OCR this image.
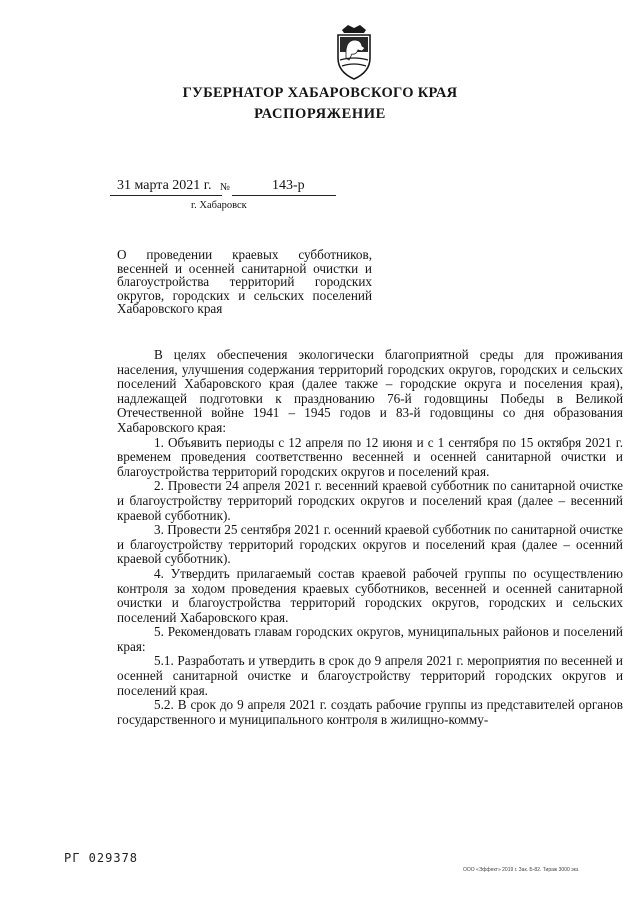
ГУБЕРНАТОР ХАБАРОВСКОГО КРАЯ
РАСПОРЯЖЕНИЕ
31 марта 2021 г. №	143-р
г. Хабаровск

О проведении краевых субботников, весенней и осенней санитарной очистки и благоустройства территорий городских округов, городских и сельских поселений Хабаровского края

В целях обеспечения экологически благоприятной среды для проживания населения, улучшения содержания территорий городских округов, городских и сельских поселений Хабаровского края (далее также – городские округа и поселения края), надлежащей подготовки к празднованию 76-й годовщины Победы в Великой Отечественной войне 1941 – 1945 годов и 83-й годовщины со дня образования Хабаровского края:

1. Объявить периоды с 12 апреля по 12 июня и с 1 сентября по 15 октября 2021 г. временем проведения соответственно весенней и осенней санитарной очистки и благоустройства территорий городских округов и поселений края.

2. Провести 24 апреля 2021 г. весенний краевой субботник по санитарной очистке и благоустройству территорий городских округов и поселений края (далее – весенний краевой субботник).

3. Провести 25 сентября 2021 г. осенний краевой субботник по санитарной очистке и благоустройству территорий городских округов и поселений края (далее – осенний краевой субботник).

4. Утвердить прилагаемый состав краевой рабочей группы по осуществлению контроля за ходом проведения краевых субботников, весенней и осенней санитарной очистки и благоустройства территорий городских округов, городских и сельских поселений Хабаровского края.

5. Рекомендовать главам городских округов, муниципальных районов и поселений края:

5.1. Разработать и утвердить в срок до 9 апреля 2021 г. мероприятия по весенней и осенней санитарной очистке и благоустройству территорий городских округов и поселений края.

5.2. В срок до 9 апреля 2021 г. создать рабочие группы из представителей органов государственного и муниципального контроля в жилищно-комму-

РГ 029378
ООО «Эффект» 2019 г. Зак. Б-82. Тираж 3000 экз.
